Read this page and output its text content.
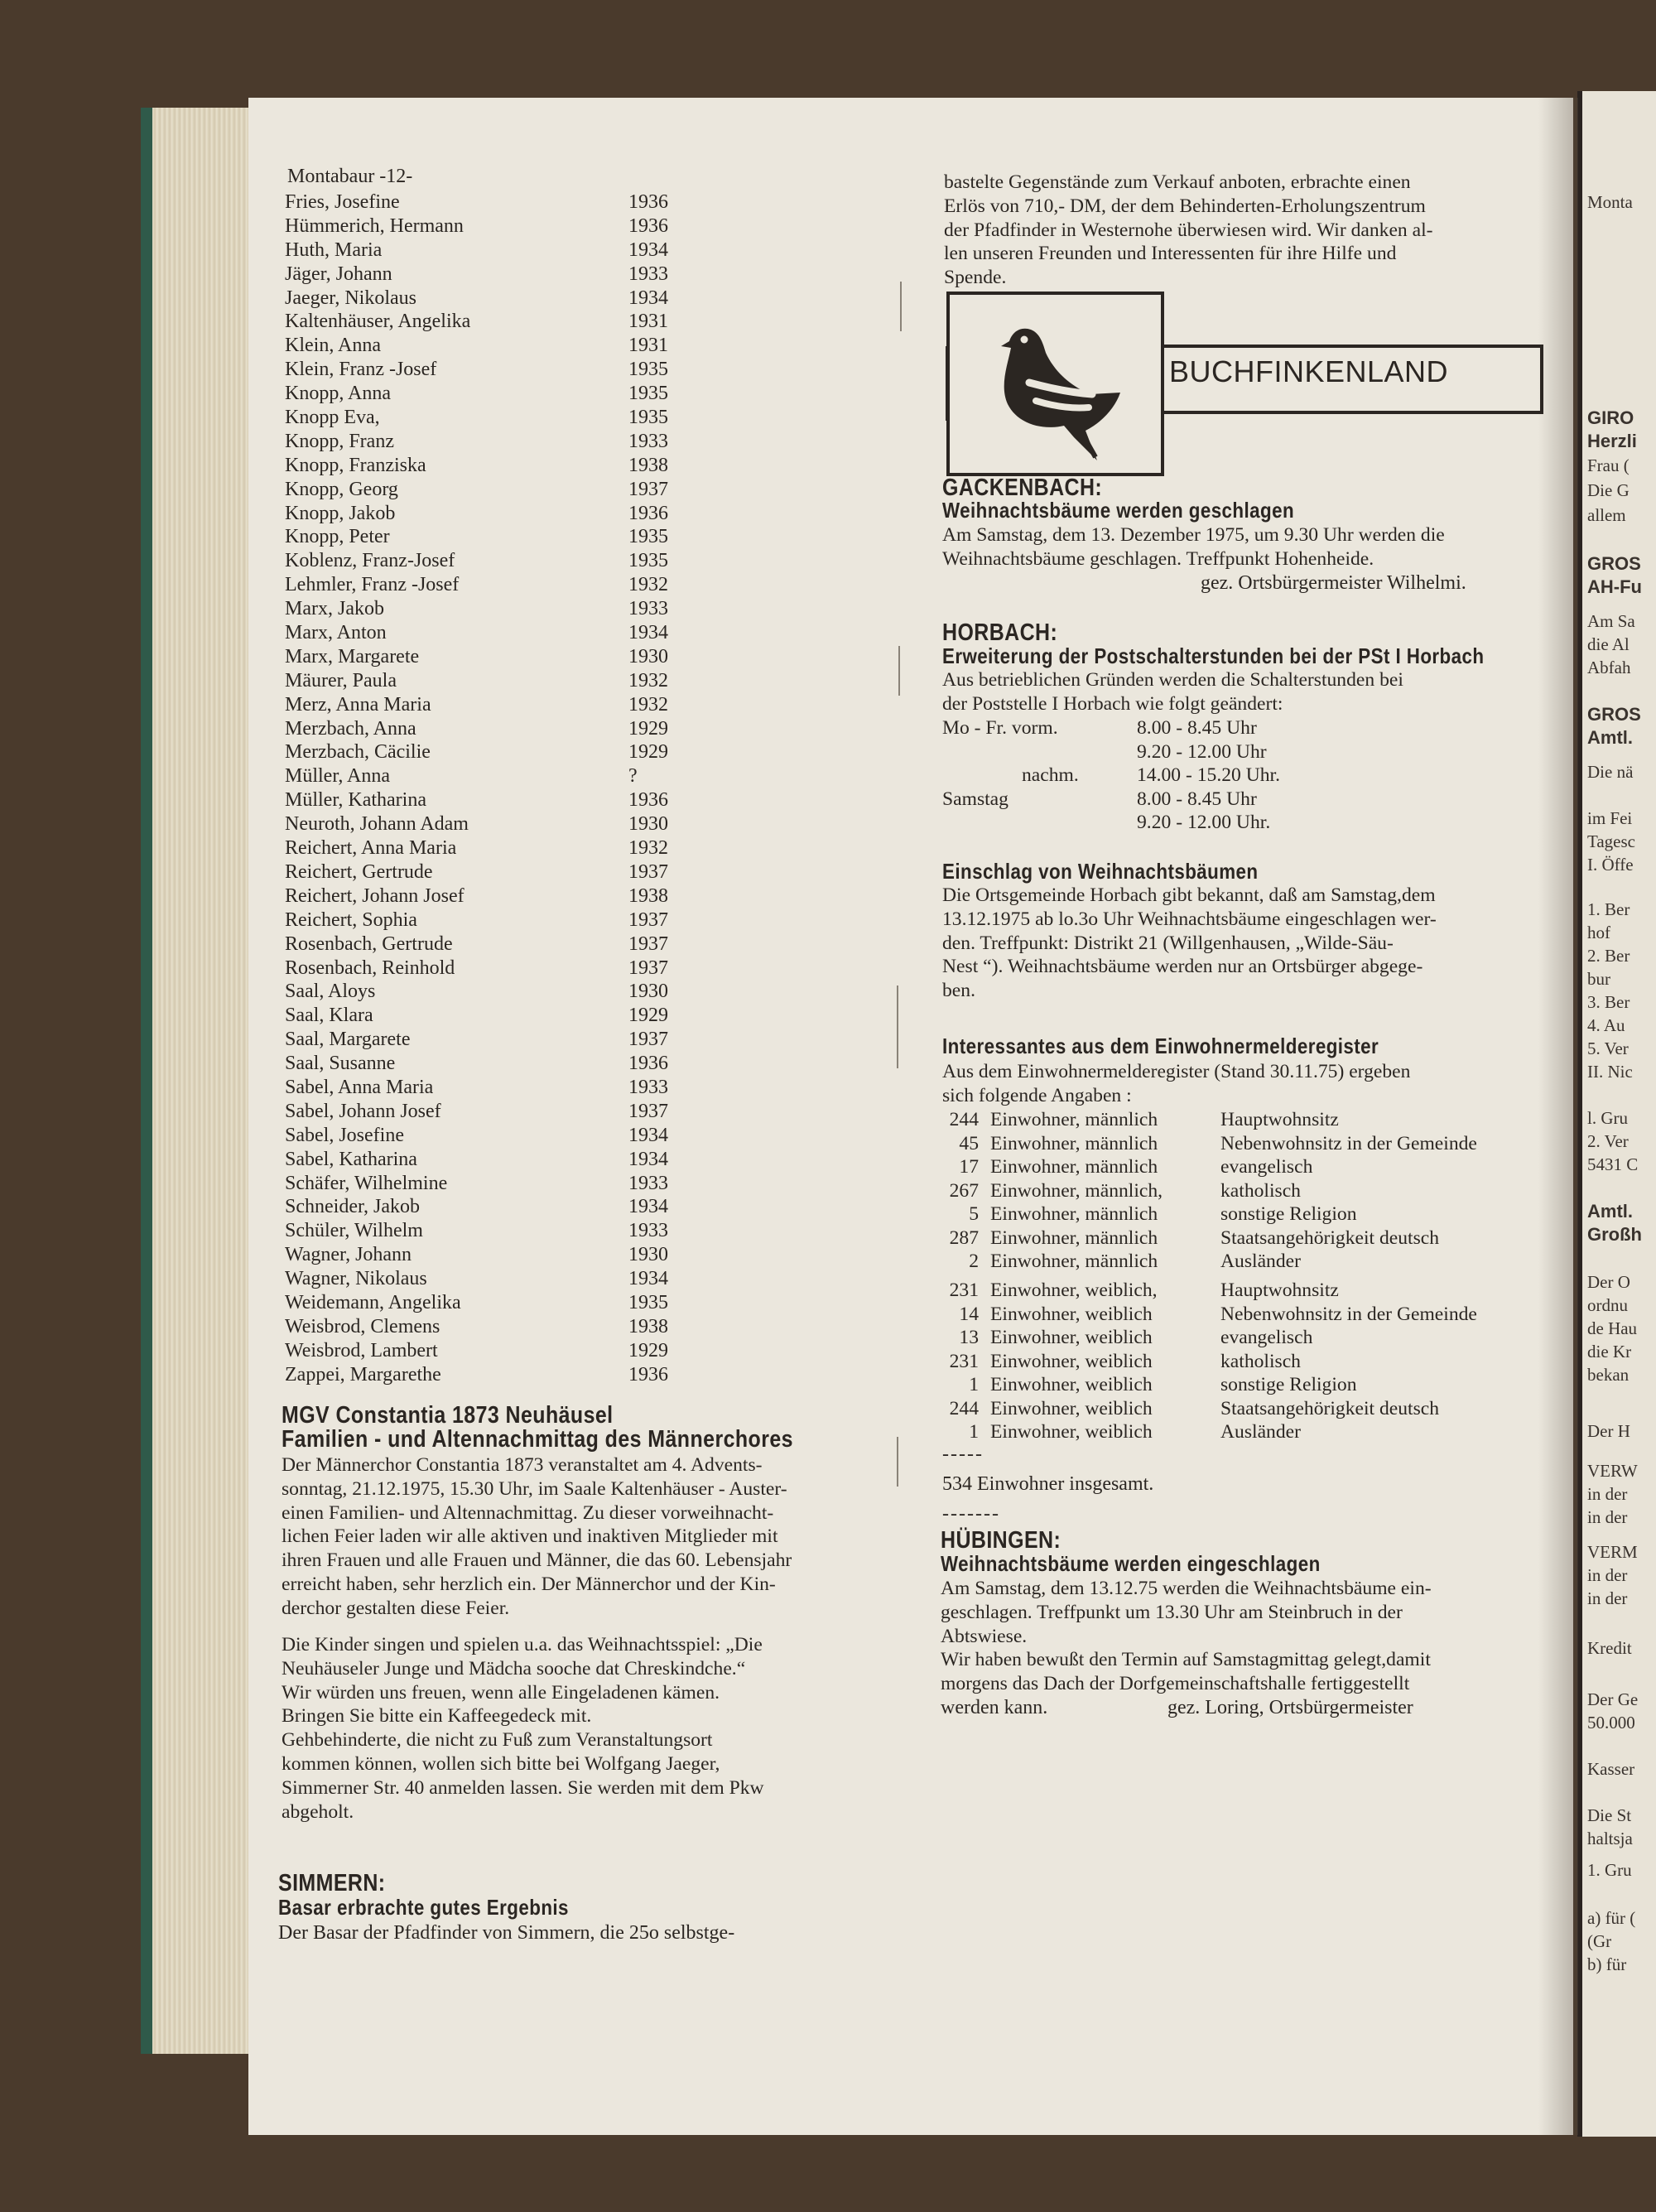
Monta
GIRO
Herzli
Frau (
Die G
allem
GROS
AH-Fu
Am Sa
die Al
Abfah
GROS
Amtl.
Die nä
im Fei
Tagesc
I. Öffe
1. Ber
hof
2. Ber
bur
3. Ber
4. Au
5. Ver
II. Nic
l. Gru
2. Ver
5431 C
Amtl.
Großh
Der O
ordnu
de Hau
die Kr
bekan
Der H
VERW
in der
in der
VERM
in der
in der
Kredit
Der Ge
50.000
Kasser
Die St
haltsja
1. Gru
a) für (
(Gr
b) für
Montabaur -12-
Fries, Josefine	1936
Hümmerich, Hermann	1936
Huth, Maria	1934
Jäger, Johann	1933
Jaeger, Nikolaus	1934
Kaltenhäuser, Angelika	1931
Klein, Anna	1931
Klein, Franz -Josef	1935
Knopp, Anna	1935
Knopp Eva,	1935
Knopp, Franz	1933
Knopp, Franziska	1938
Knopp, Georg	1937
Knopp, Jakob	1936
Knopp, Peter	1935
Koblenz, Franz-Josef	1935
Lehmler, Franz -Josef	1932
Marx, Jakob	1933
Marx, Anton	1934
Marx, Margarete	1930
Mäurer, Paula	1932
Merz, Anna Maria	1932
Merzbach, Anna	1929
Merzbach, Cäcilie	1929
Müller, Anna	?
Müller, Katharina	1936
Neuroth, Johann Adam	1930
Reichert, Anna Maria	1932
Reichert, Gertrude	1937
Reichert, Johann Josef	1938
Reichert, Sophia	1937
Rosenbach, Gertrude	1937
Rosenbach, Reinhold	1937
Saal, Aloys	1930
Saal, Klara	1929
Saal, Margarete	1937
Saal, Susanne	1936
Sabel, Anna Maria	1933
Sabel, Johann Josef	1937
Sabel, Josefine	1934
Sabel, Katharina	1934
Schäfer, Wilhelmine	1933
Schneider, Jakob	1934
Schüler, Wilhelm	1933
Wagner, Johann	1930
Wagner, Nikolaus	1934
Weidemann, Angelika	1935
Weisbrod, Clemens	1938
Weisbrod, Lambert	1929
Zappei, Margarethe	1936
MGV Constantia 1873 Neuhäusel
Familien - und Altennachmittag des Männerchores
Der Männerchor Constantia 1873 veranstaltet am 4. Advents-
sonntag, 21.12.1975, 15.30 Uhr, im Saale Kaltenhäuser - Auster-
einen Familien- und Altennachmittag. Zu dieser vorweihnacht-
lichen Feier laden wir alle aktiven und inaktiven Mitglieder mit
ihren Frauen und alle Frauen und Männer, die das 60. Lebensjahr
erreicht haben, sehr herzlich ein. Der Männerchor und der Kin-
derchor gestalten diese Feier.
Die Kinder singen und spielen u.a. das Weihnachtsspiel: „Die
Neuhäuseler Junge und Mädcha sooche dat Chreskindche.“
Wir würden uns freuen, wenn alle Eingeladenen kämen.
Bringen Sie bitte ein Kaffeegedeck mit.
Gehbehinderte, die nicht zu Fuß zum Veranstaltungsort
kommen können, wollen sich bitte bei Wolfgang Jaeger,
Simmerner Str. 40 anmelden lassen. Sie werden mit dem Pkw
abgeholt.
SIMMERN:
Basar erbrachte gutes Ergebnis
Der Basar der Pfadfinder von Simmern, die 25o selbstge-
bastelte Gegenstände zum Verkauf anboten, erbrachte einen
Erlös von 710,- DM, der dem Behinderten-Erholungszentrum
der Pfadfinder in Westernohe überwiesen wird. Wir danken al-
len unseren Freunden und Interessenten für ihre Hilfe und
Spende.
BUCHFINKENLAND
GACKENBACH:
Weihnachtsbäume werden geschlagen
Am Samstag, dem 13. Dezember 1975, um 9.30 Uhr werden die
Weihnachtsbäume geschlagen. Treffpunkt Hohenheide.
gez. Ortsbürgermeister Wilhelmi.
HORBACH:
Erweiterung der Postschalterstunden bei der PSt I Horbach
Aus betrieblichen Gründen werden die Schalterstunden bei
der Poststelle I Horbach wie folgt geändert:
Mo - Fr. vorm.	8.00 - 8.45 Uhr
9.20 - 12.00 Uhr
nachm.	14.00 - 15.20 Uhr.
Samstag	8.00 - 8.45 Uhr
9.20 - 12.00 Uhr.
Einschlag von Weihnachtsbäumen
Die Ortsgemeinde Horbach gibt bekannt, daß am Samstag,dem
13.12.1975 ab lo.3o Uhr Weihnachtsbäume eingeschlagen wer-
den. Treffpunkt: Distrikt 21 (Willgenhausen, „Wilde-Säu-
Nest “). Weihnachtsbäume werden nur an Ortsbürger abgege-
ben.
Interessantes aus dem Einwohnermelderegister
Aus dem Einwohnermelderegister (Stand 30.11.75) ergeben
sich folgende Angaben :
244 Einwohner, männlich	Hauptwohnsitz
45 Einwohner, männlich	Nebenwohnsitz in der Gemeinde
17 Einwohner, männlich	evangelisch
267 Einwohner, männlich,	katholisch
5 Einwohner, männlich	sonstige Religion
287 Einwohner, männlich	Staatsangehörigkeit deutsch
2 Einwohner, männlich	Ausländer
231 Einwohner, weiblich,	Hauptwohnsitz
14 Einwohner, weiblich	Nebenwohnsitz in der Gemeinde
13 Einwohner, weiblich	evangelisch
231 Einwohner, weiblich	katholisch
1 Einwohner, weiblich	sonstige Religion
244 Einwohner, weiblich	Staatsangehörigkeit deutsch
1 Einwohner, weiblich	Ausländer
-----
534 Einwohner insgesamt.
-------
HÜBINGEN:
Weihnachtsbäume werden eingeschlagen
Am Samstag, dem 13.12.75 werden die Weihnachtsbäume ein-
geschlagen. Treffpunkt um 13.30 Uhr am Steinbruch in der
Abtswiese.
Wir haben bewußt den Termin auf Samstagmittag gelegt,damit
morgens das Dach der Dorfgemeinschaftshalle fertiggestellt
werden kann.	gez. Loring, Ortsbürgermeister
